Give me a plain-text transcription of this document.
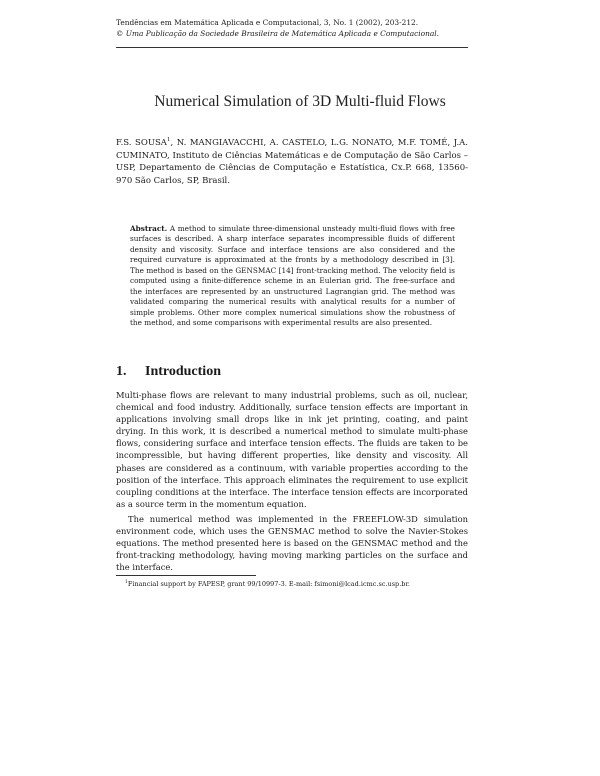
Tendências em Matemática Aplicada e Computacional, 3, No. 1 (2002), 203-212.
© Uma Publicação da Sociedade Brasileira de Matemática Aplicada e Computacional.
Numerical Simulation of 3D Multi-fluid Flows
F.S. SOUSA$^1$, N. MANGIAVACCHI, A. CASTELO, L.G. NONATO, M.F. TOMÉ, J.A. CUMINATO, Instituto de Ciências Matemáticas e de Computação de São Carlos – USP, Departamento de Ciências de Computação e Estatística, Cx.P. 668, 13560-970 São Carlos, SP, Brasil.
Abstract. A method to simulate three-dimensional unsteady multi-fluid flows with free surfaces is described. A sharp interface separates incompressible fluids of different density and viscosity. Surface and interface tensions are also considered and the required curvature is approximated at the fronts by a methodology described in [3]. The method is based on the GENSMAC [14] front-tracking method. The velocity field is computed using a finite-difference scheme in an Eulerian grid. The free-surface and the interfaces are represented by an unstructured Lagrangian grid. The method was validated comparing the numerical results with analytical results for a number of simple problems. Other more complex numerical simulations show the robustness of the method, and some comparisons with experimental results are also presented.
1. Introduction

Multi-phase flows are relevant to many industrial problems, such as oil, nuclear, chemical and food industry. Additionally, surface tension effects are important in applications involving small drops like in ink jet printing, coating, and paint drying. In this work, it is described a numerical method to simulate multi-phase flows, considering surface and interface tension effects. The fluids are taken to be incompressible, but having different properties, like density and viscosity. All phases are considered as a continuum, with variable properties according to the position of the interface. This approach eliminates the requirement to use explicit coupling conditions at the interface. The interface tension effects are incorporated as a source term in the momentum equation.

The numerical method was implemented in the FREEFLOW-3D simulation environment code, which uses the GENSMAC method to solve the Navier-Stokes equations. The method presented here is based on the GENSMAC method and the front-tracking methodology, having moving marking particles on the surface and the interface.

$^1$Financial support by FAPESP, grant 99/10997-3. E-mail: fsimoni@lcad.icmc.sc.usp.br.
